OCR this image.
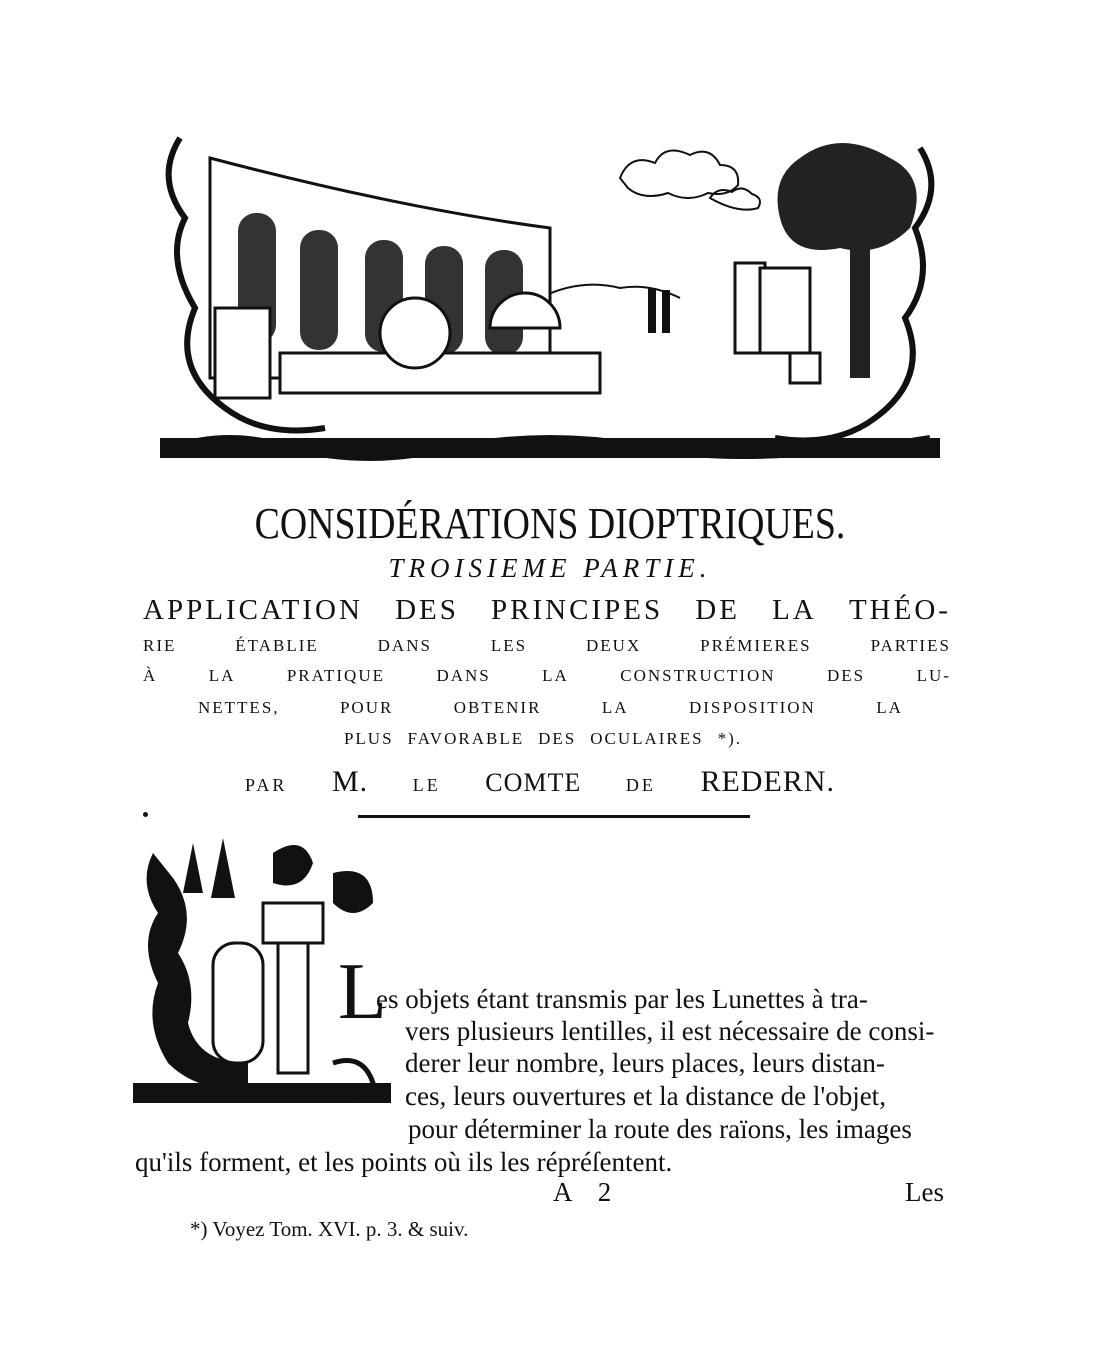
CONSIDÉRATIONS DIOPTRIQUES.
TROISIEME PARTIE.
APPLICATION DES PRINCIPES DE LA THÉO-
RIE	ÉTABLIE	DANS	LES	DEUX	PRÉMIERES	PARTIES
À	LA	PRATIQUE	DANS	LA	CONSTRUCTION	DES	LU-
NETTES,	POUR	OBTENIR	LA	DISPOSITION	LA
PLUS FAVORABLE DES OCULAIRES *).
PAR M. LE COMTE DE REDERN.
L
es objets étant transmis par les Lunettes à tra-
vers plusieurs lentilles, il est nécessaire de consi-
derer leur nombre, leurs places, leurs distan-
ces, leurs ouvertures et la distance de l'objet,
pour déterminer la route des raïons, les images
qu'ils forment, et les points où ils les répréſentent.
A 2	Les
*) Voyez Tom. XVI. p. 3. & suiv.
